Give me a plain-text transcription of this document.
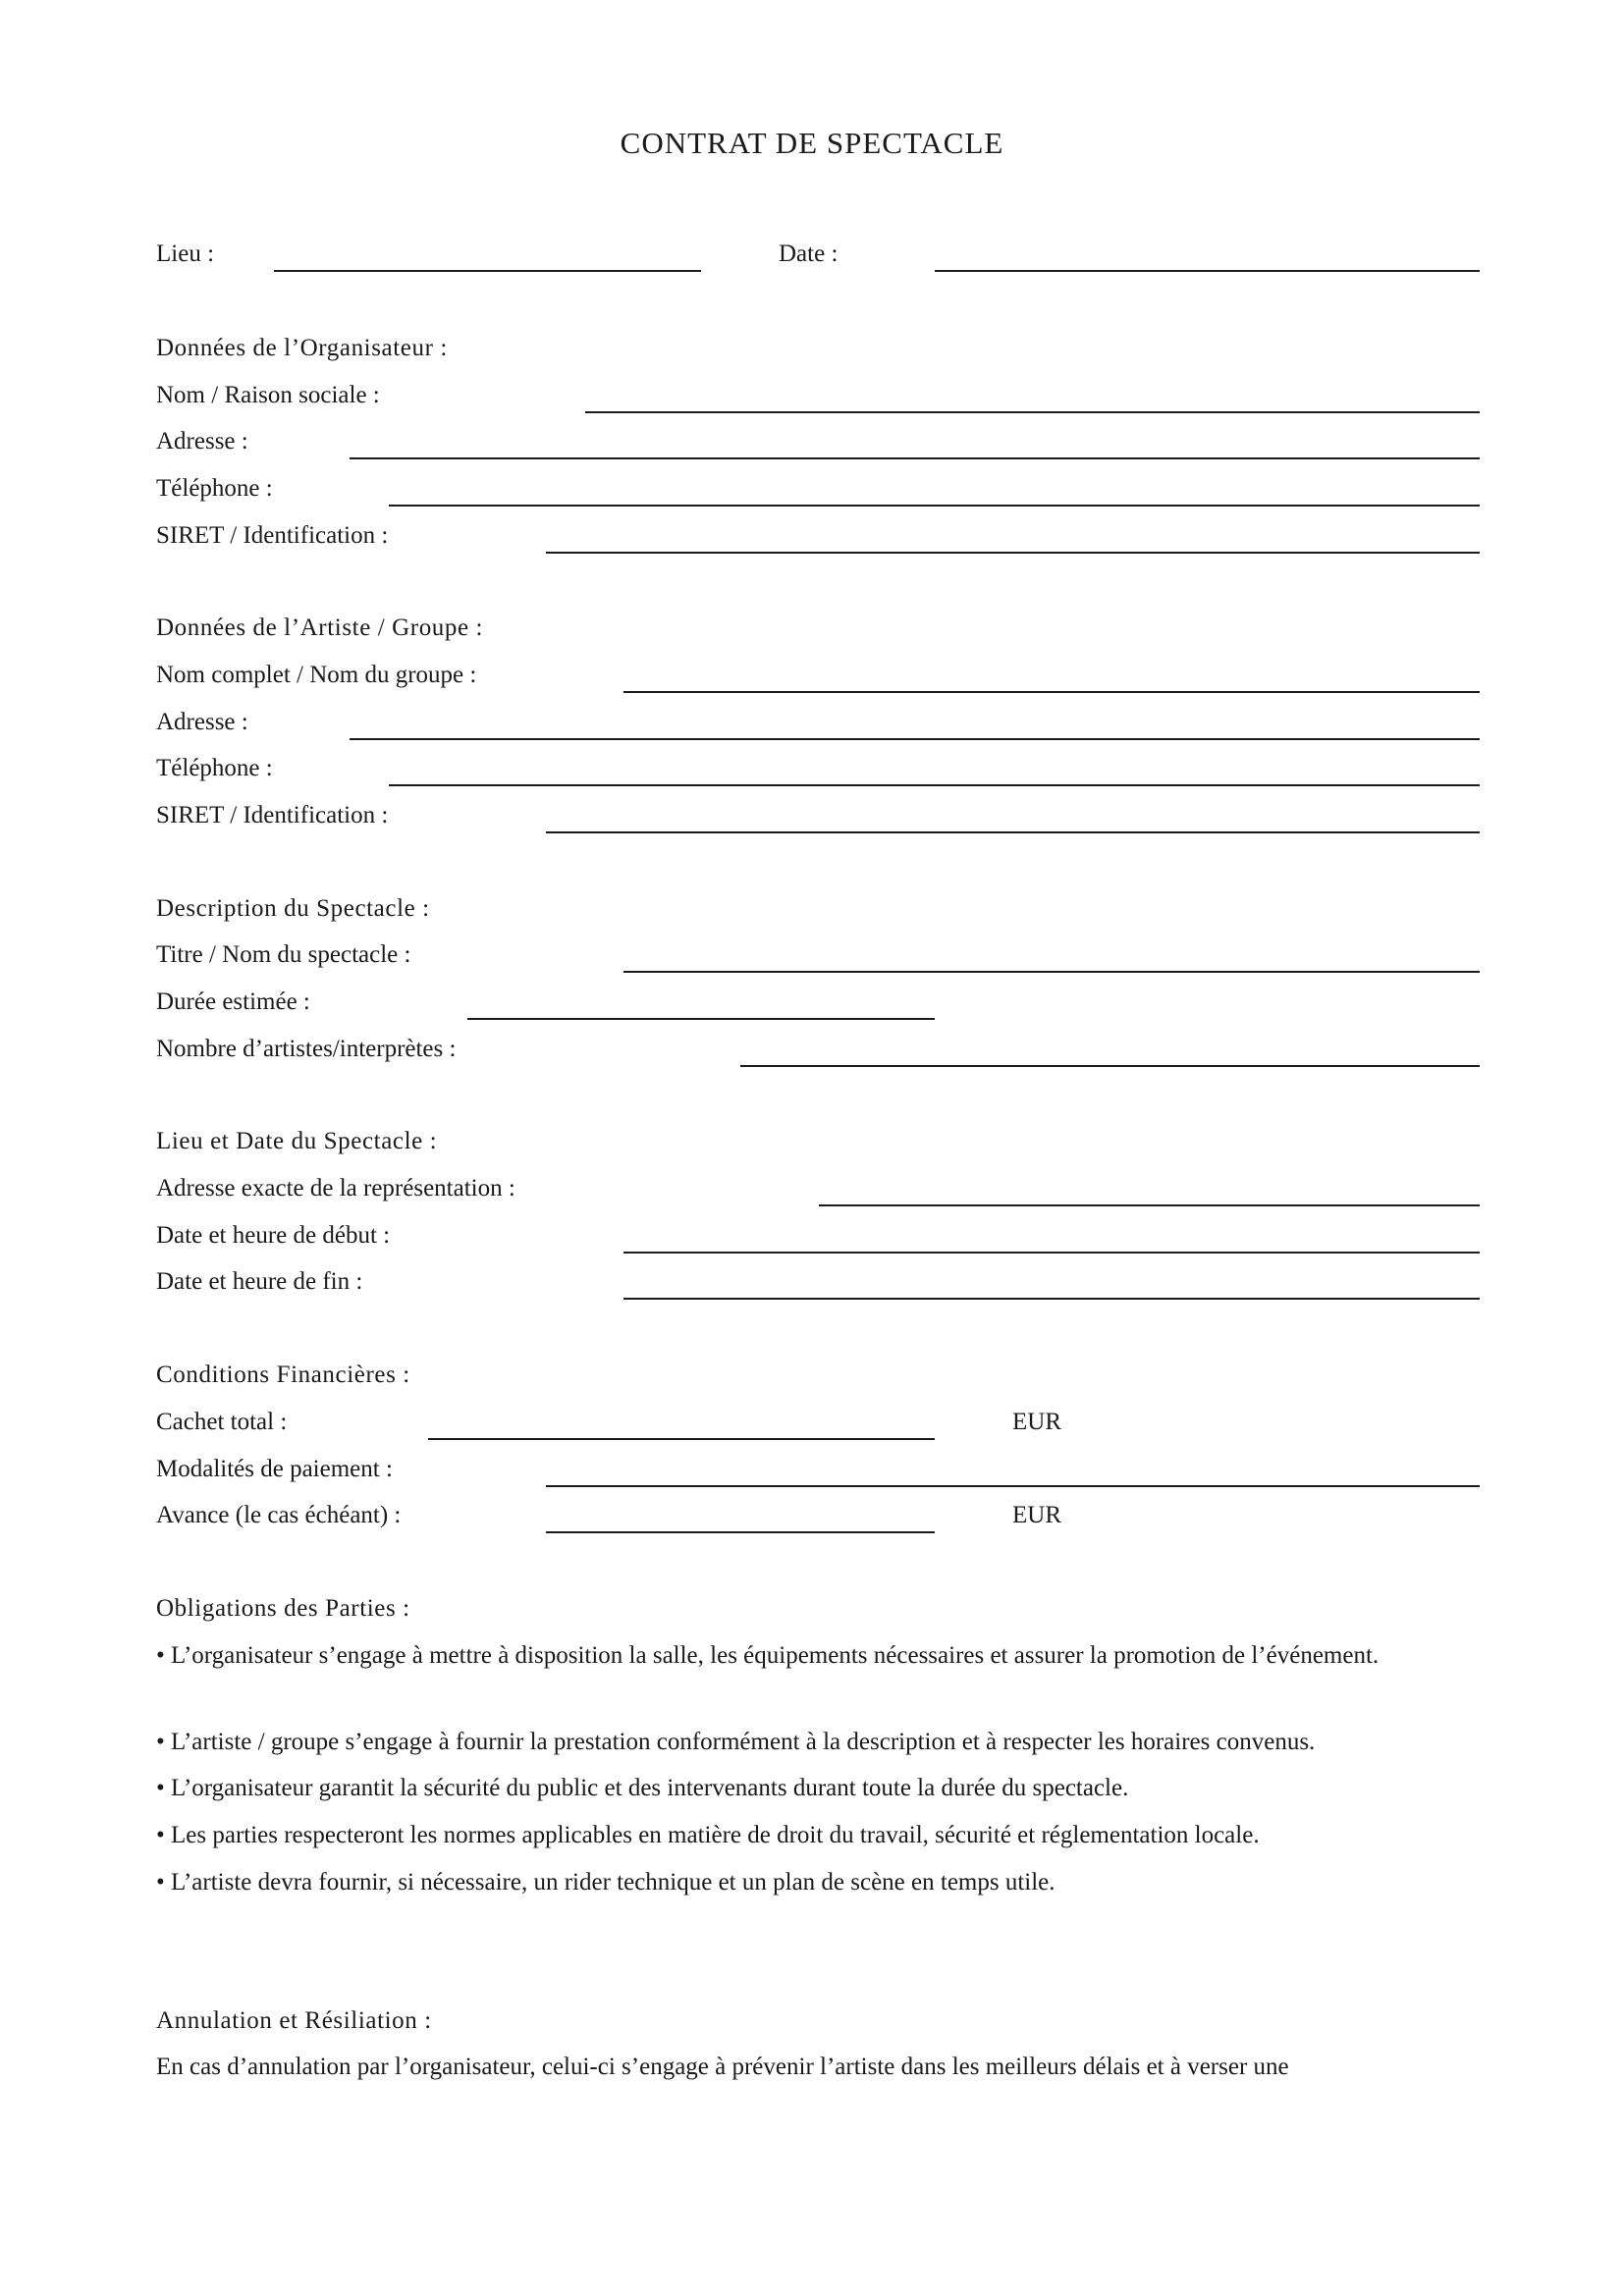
CONTRAT DE SPECTACLE
Lieu :	Date :
Données de l’Organisateur :
Nom / Raison sociale :
Adresse :
Téléphone :
SIRET / Identification :
Données de l’Artiste / Groupe :
Nom complet / Nom du groupe :
Adresse :
Téléphone :
SIRET / Identification :
Description du Spectacle :
Titre / Nom du spectacle :
Durée estimée :
Nombre d’artistes/interprètes :
Lieu et Date du Spectacle :
Adresse exacte de la représentation :
Date et heure de début :
Date et heure de fin :
Conditions Financières :
Cachet total :	EUR
Modalités de paiement :
Avance (le cas échéant) :	EUR
Obligations des Parties :
• L’organisateur s’engage à mettre à disposition la salle, les équipements nécessaires et assurer la promotion de l’événement.
• L’artiste / groupe s’engage à fournir la prestation conformément à la description et à respecter les horaires convenus.
• L’organisateur garantit la sécurité du public et des intervenants durant toute la durée du spectacle.
• Les parties respecteront les normes applicables en matière de droit du travail, sécurité et réglementation locale.
• L’artiste devra fournir, si nécessaire, un rider technique et un plan de scène en temps utile.
Annulation et Résiliation :
En cas d’annulation par l’organisateur, celui-ci s’engage à prévenir l’artiste dans les meilleurs délais et à verser une
